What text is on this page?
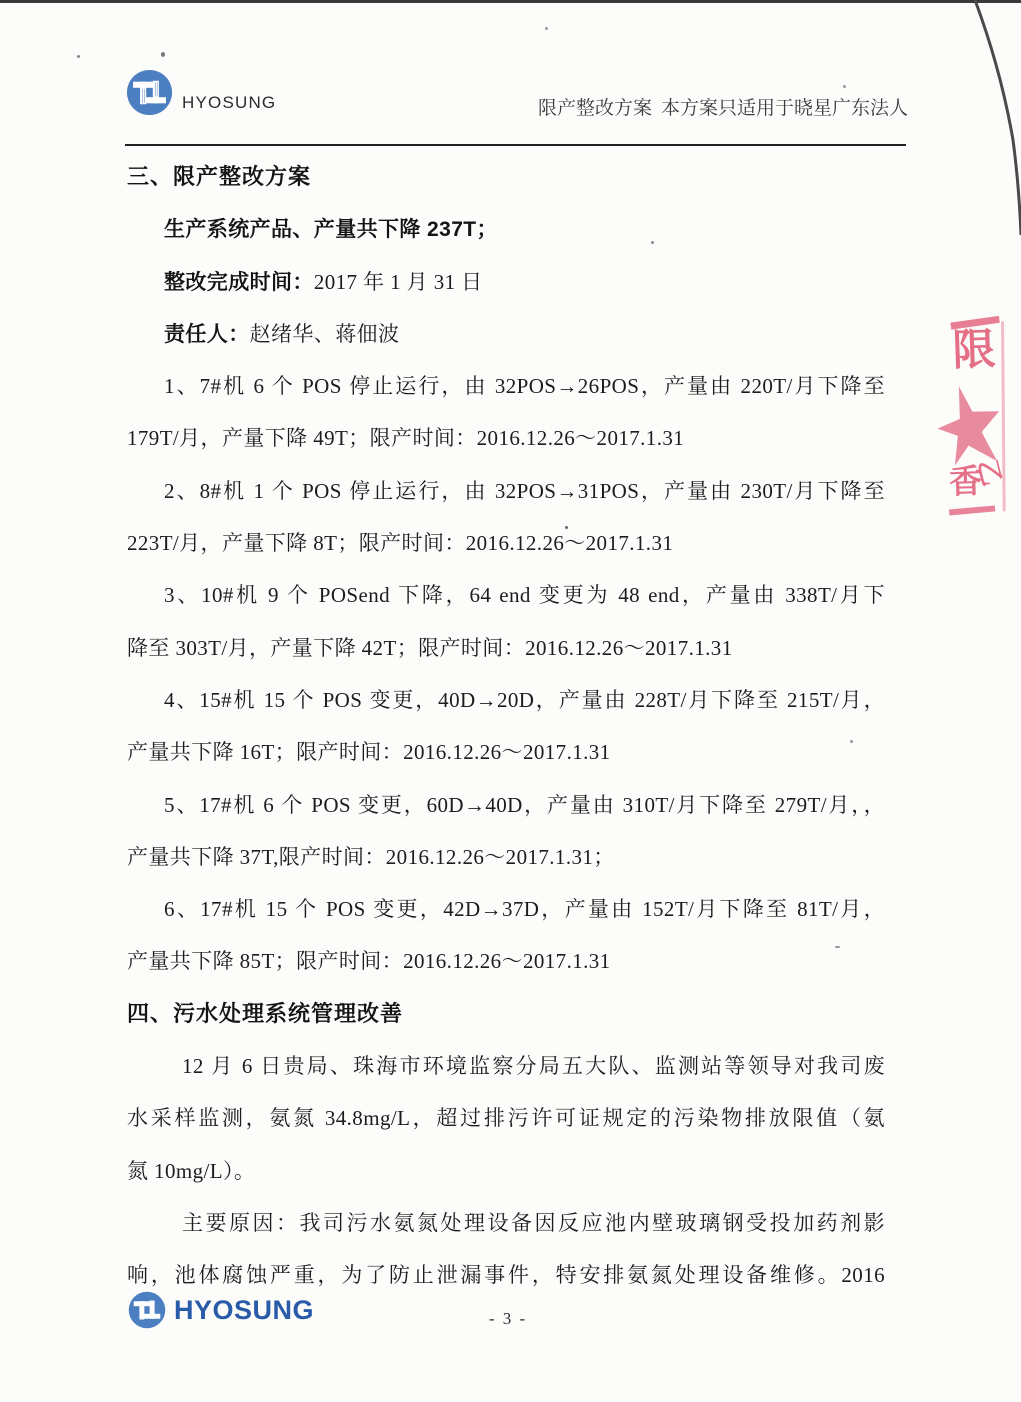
HYOSUNG	限产整改方案 本方案只适用于晓星广东法人
三、限产整改方案
生产系统产品、产量共下降 237T；
整改完成时间：2017 年 1 月 31 日
责任人：赵绪华、蒋佃波
1、7#机 6 个 POS 停止运行，由 32POS→26POS，产量由 220T/月下降至
179T/月，产量下降 49T；限产时间：2016.12.26～2017.1.31
2、8#机 1 个 POS 停止运行，由 32POS→31POS，产量由 230T/月下降至
223T/月，产量下降 8T；限产时间：2016.12.26～2017.1.31
3、10#机 9 个 POSend 下降，64 end 变更为 48 end，产量由 338T/月下
降至 303T/月，产量下降 42T；限产时间：2016.12.26～2017.1.31
4、15#机 15 个 POS 变更，40D→20D，产量由 228T/月下降至 215T/月，
产量共下降 16T；限产时间：2016.12.26～2017.1.31
5、17#机 6 个 POS 变更，60D→40D，产量由 310T/月下降至 279T/月，，
产量共下降 37T,限产时间：2016.12.26～2017.1.31；
6、17#机 15 个 POS 变更，42D→37D，产量由 152T/月下降至 81T/月，
产量共下降 85T；限产时间：2016.12.26～2017.1.31
四、污水处理系统管理改善
12 月 6 日贵局、珠海市环境监察分局五大队、监测站等领导对我司废
水采样监测，氨氮 34.8mg/L，超过排污许可证规定的污染物排放限值（氨
氮 10mg/L）。
主要原因：我司污水氨氮处理设备因反应池内壁玻璃钢受投加药剂影
响，池体腐蚀严重，为了防止泄漏事件，特安排氨氮处理设备维修。2016
限
香
乙
HYOSUNG	- 3 -
